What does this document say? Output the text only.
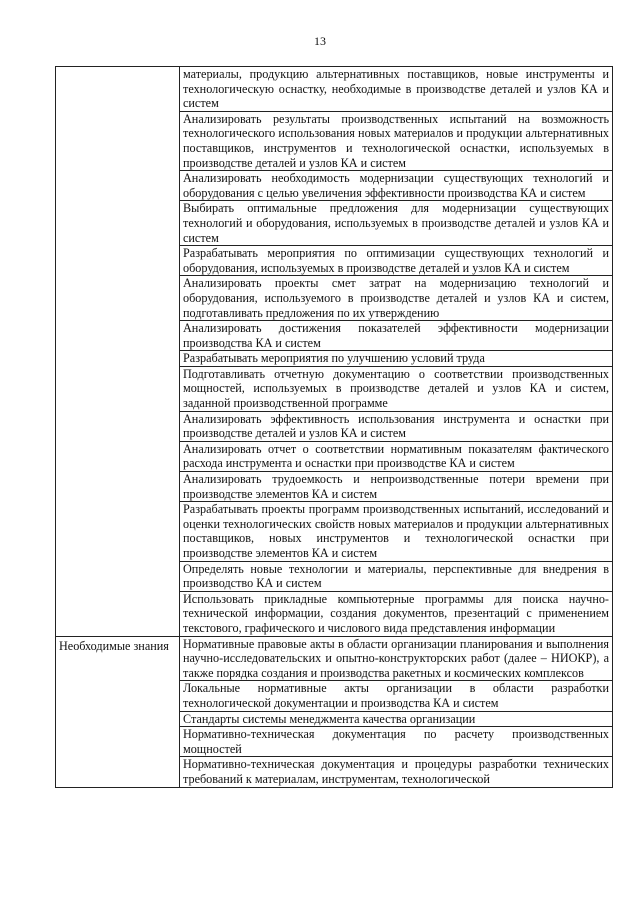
13

	материалы, продукцию альтернативных поставщиков, новые инструменты и технологическую оснастку, необходимые в производстве деталей и узлов КА и систем

	Анализировать результаты производственных испытаний на возможность технологического использования новых материалов и продукции альтернативных поставщиков, инструментов и технологической оснастки, используемых в производстве деталей и узлов КА и систем

	Анализировать необходимость модернизации существующих технологий и оборудования с целью увеличения эффективности производства КА и систем

	Выбирать оптимальные предложения для модернизации существующих технологий и оборудования, используемых в производстве деталей и узлов КА и систем

	Разрабатывать мероприятия по оптимизации существующих технологий и оборудования, используемых в производстве деталей и узлов КА и систем

	Анализировать проекты смет затрат на модернизацию технологий и оборудования, используемого в производстве деталей и узлов КА и систем, подготавливать предложения по их утверждению

	Анализировать достижения показателей эффективности модернизации производства КА и систем

	Разрабатывать мероприятия по улучшению условий труда

	Подготавливать отчетную документацию о соответствии производственных мощностей, используемых в производстве деталей и узлов КА и систем, заданной производственной программе

	Анализировать эффективность использования инструмента и оснастки при производстве деталей и узлов КА и систем

	Анализировать отчет о соответствии нормативным показателям фактического расхода инструмента и оснастки при производстве КА и систем

	Анализировать трудоемкость и непроизводственные потери времени при производстве элементов КА и систем

	Разрабатывать проекты программ производственных испытаний, исследований и оценки технологических свойств новых материалов и продукции альтернативных поставщиков, новых инструментов и технологической оснастки при производстве элементов КА и систем

	Определять новые технологии и материалы, перспективные для внедрения в производство КА и систем

	Использовать прикладные компьютерные программы для поиска научно-технической информации, создания документов, презентаций с применением текстового, графического и числового вида представления информации

Необходимые знания	Нормативные правовые акты в области организации планирования и выполнения научно-исследовательских и опытно-конструкторских работ (далее – НИОКР), а также порядка создания и производства ракетных и космических комплексов

	Локальные нормативные акты организации в области разработки технологической документации и производства КА и систем

	Стандарты системы менеджмента качества организации

	Нормативно-техническая документация по расчету производственных мощностей

	Нормативно-техническая документация и процедуры разработки технических требований к материалам, инструментам, технологической
